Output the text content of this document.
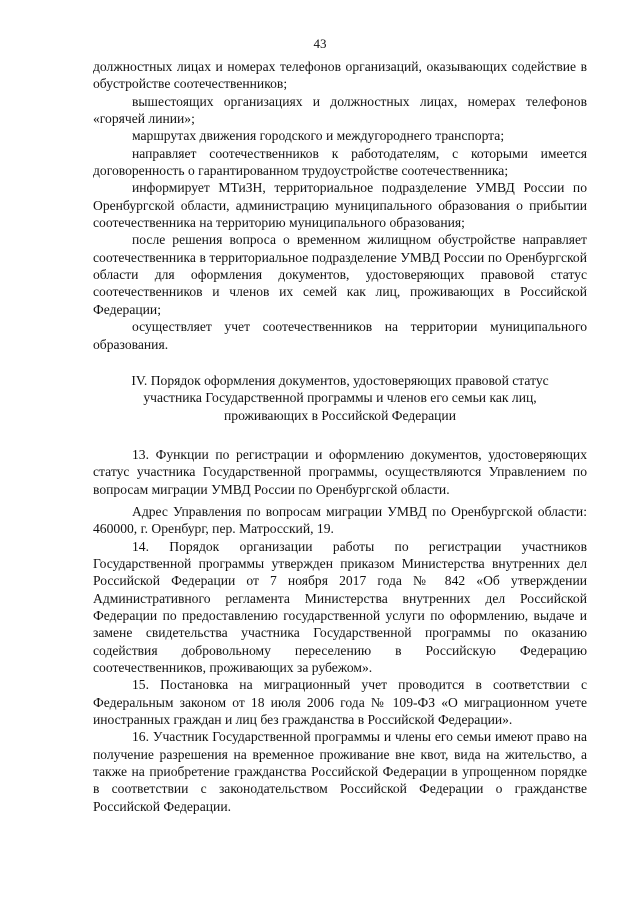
43

должностных лицах и номерах телефонов организаций, оказывающих содействие в обустройстве соотечественников;

вышестоящих организациях и должностных лицах, номерах телефонов «горячей линии»;

маршрутах движения городского и междугороднего транспорта;

направляет соотечественников к работодателям, с которыми имеется договоренность о гарантированном трудоустройстве соотечественника;

информирует МТиЗН, территориальное подразделение УМВД России по Оренбургской области, администрацию муниципального образования о прибытии соотечественника на территорию муниципального образования;

после решения вопроса о временном жилищном обустройстве направляет соотечественника в территориальное подразделение УМВД России по Оренбургской области для оформления документов, удостоверяющих правовой статус соотечественников и членов их семей как лиц, проживающих в Российской Федерации;

осуществляет учет соотечественников на территории муниципального образования.

IV. Порядок оформления документов, удостоверяющих правовой статус участника Государственной программы и членов его семьи как лиц, проживающих в Российской Федерации

13. Функции по регистрации и оформлению документов, удостоверяющих статус участника Государственной программы, осуществляются Управлением по вопросам миграции УМВД России по Оренбургской области.

Адрес Управления по вопросам миграции УМВД по Оренбургской области: 460000, г. Оренбург, пер. Матросский, 19.

14. Порядок организации работы по регистрации участников Государственной программы утвержден приказом Министерства внутренних дел Российской Федерации от 7 ноября 2017 года № 842 «Об утверждении Административного регламента Министерства внутренних дел Российской Федерации по предоставлению государственной услуги по оформлению, выдаче и замене свидетельства участника Государственной программы по оказанию содействия добровольному переселению в Российскую Федерацию соотечественников, проживающих за рубежом».

15. Постановка на миграционный учет проводится в соответствии с Федеральным законом от 18 июля 2006 года № 109-ФЗ «О миграционном учете иностранных граждан и лиц без гражданства в Российской Федерации».

16. Участник Государственной программы и члены его семьи имеют право на получение разрешения на временное проживание вне квот, вида на жительство, а также на приобретение гражданства Российской Федерации в упрощенном порядке в соответствии с законодательством Российской Федерации о гражданстве Российской Федерации.
